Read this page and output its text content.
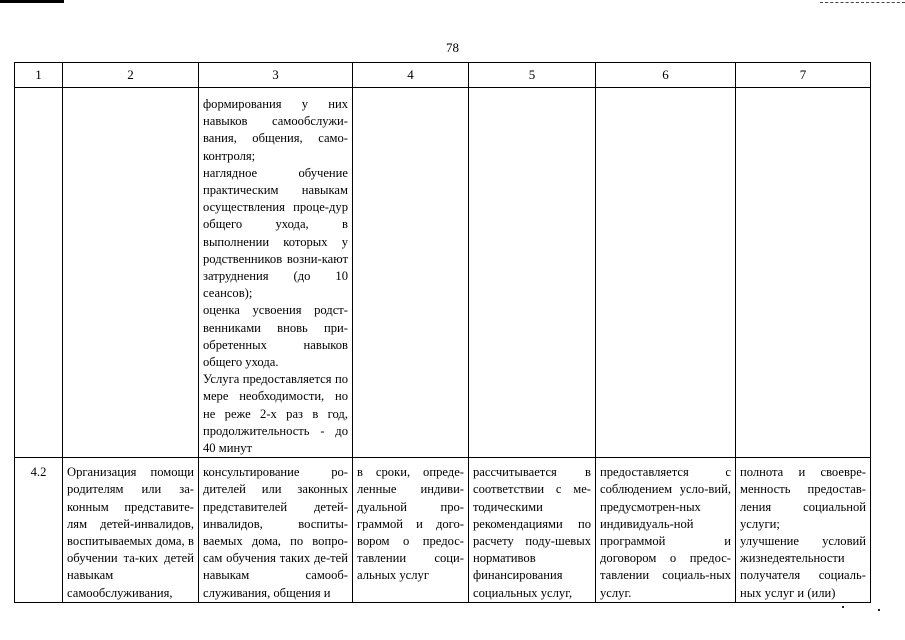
78
1	2	3	4	5	6	7

		формирования у них навыков самообслужи-вания, общения, само-контроля;
наглядное обучение практическим навыкам осуществления проце-дур общего ухода, в выполнении которых у родственников возни-кают затруднения (до 10 сеансов);
оценка усвоения родст-венниками вновь при-обретенных навыков общего ухода.
Услуга предоставляется по мере необходимости, но не реже 2-х раз в год, продолжительность - до 40 минут				

4.2	Организация помощи родителям или за-конным представите-лям детей-инвалидов, воспитываемых дома, в обучении та-ких детей навыкам самообслуживания,	консультирование ро-дителей или законных представителей детей-инвалидов, воспиты-ваемых дома, по вопро-сам обучения таких де-тей навыкам самооб-служивания, общения и	в сроки, опреде-ленные индиви-дуальной про-граммой и дого-вором о предос-тавлении соци-альных услуг	рассчитывается в соответствии с ме-тодическими рекомендациями по расчету поду-шевых нормативов финансирования социальных услуг,	предоставляется с соблюдением усло-вий, предусмотрен-ных индивидуаль-ной программой и договором о предос-тавлении социаль-ных услуг.	полнота и своевре-менность предостав-ления социальной услуги;
улучшение условий жизнедеятельности получателя социаль-ных услуг и (или)
